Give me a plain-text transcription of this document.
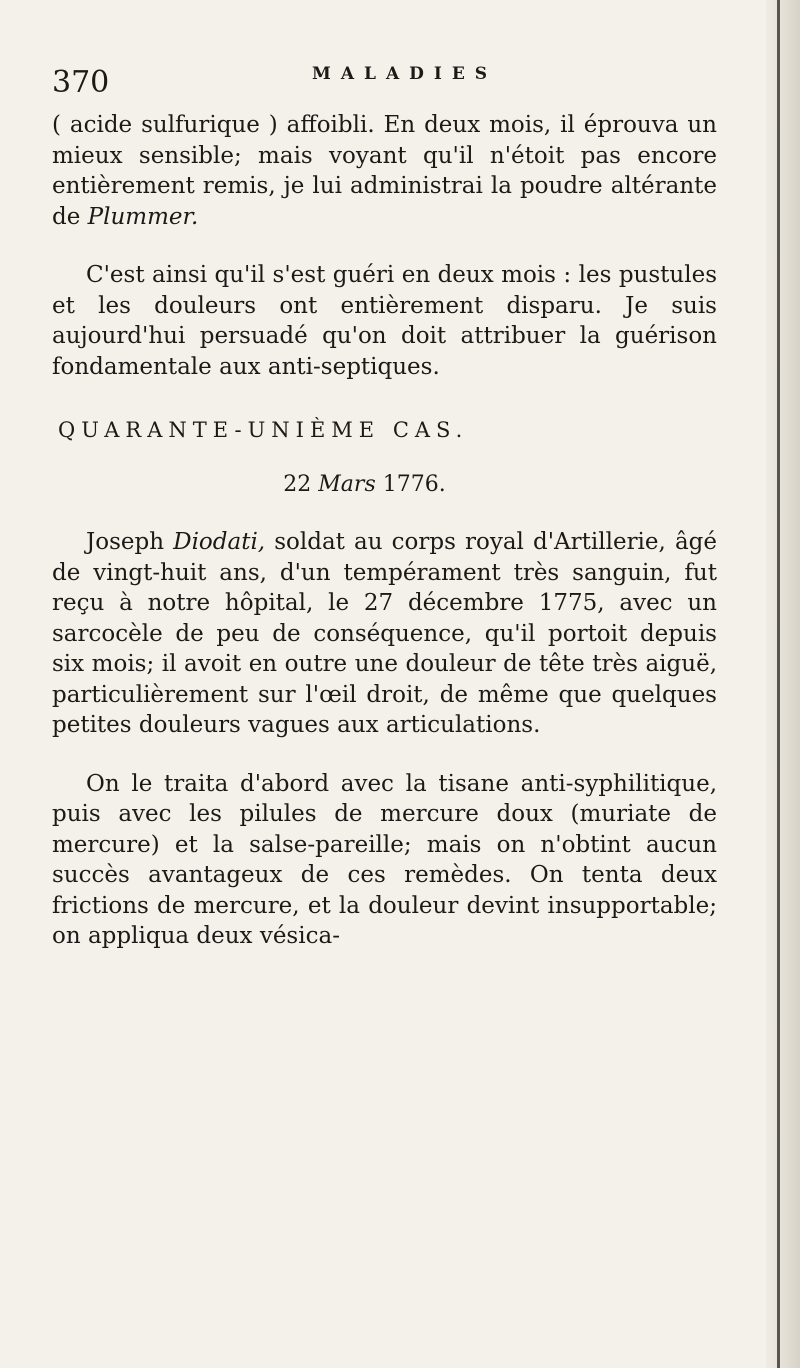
370	MALADIES

( acide sulfurique ) affoibli. En deux mois, il éprouva un mieux sensible; mais voyant qu'il n'étoit pas encore entièrement remis, je lui administrai la poudre altérante de Plummer.

C'est ainsi qu'il s'est guéri en deux mois : les pustules et les douleurs ont entièrement disparu. Je suis aujourd'hui persuadé qu'on doit attribuer la guérison fondamentale aux anti-septiques.

QUARANTE-UNIÈME CAS.
22 Mars 1776.

Joseph Diodati, soldat au corps royal d'Artillerie, âgé de vingt-huit ans, d'un tempérament très sanguin, fut reçu à notre hôpital, le 27 décembre 1775, avec un sarcocèle de peu de conséquence, qu'il portoit depuis six mois; il avoit en outre une douleur de tête très aiguë, particulièrement sur l'œil droit, de même que quelques petites douleurs vagues aux articulations.

On le traita d'abord avec la tisane anti-syphilitique, puis avec les pilules de mercure doux (muriate de mercure) et la salse-pareille; mais on n'obtint aucun succès avantageux de ces remèdes. On tenta deux frictions de mercure, et la douleur devint insupportable; on appliqua deux vésica-
